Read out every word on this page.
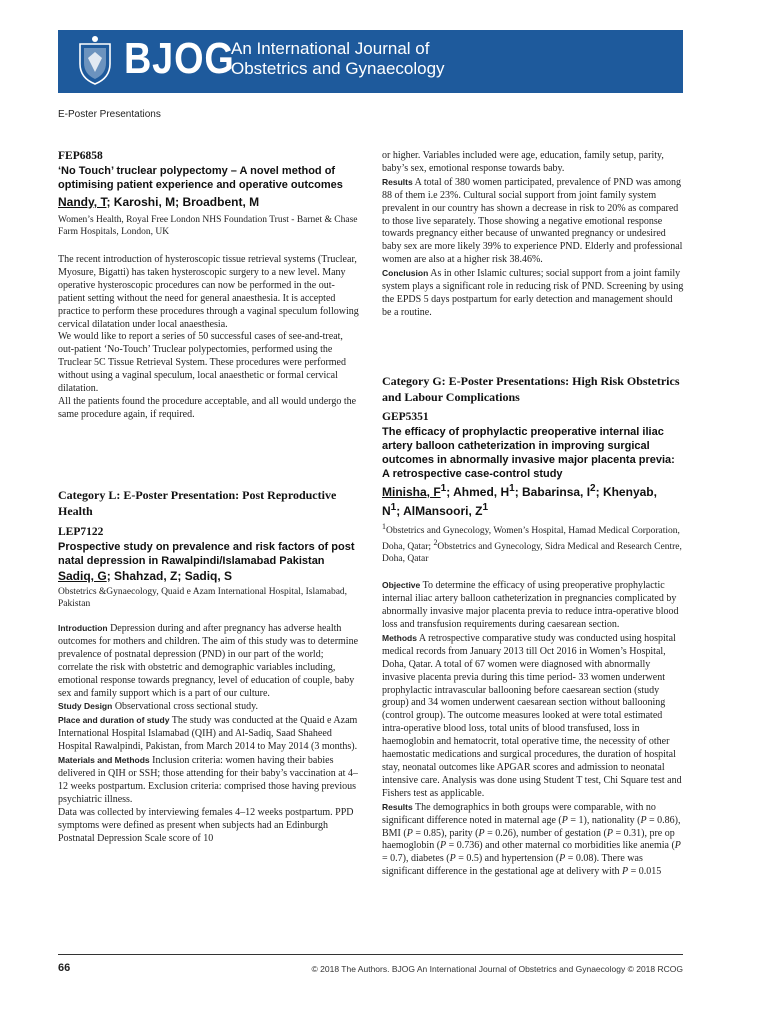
BJOG
An International Journal of
Obstetrics and Gynaecology
E-Poster Presentations
FEP6858
‘No Touch’ truclear polypectomy – A novel method of optimising patient experience and operative outcomes
Nandy, T; Karoshi, M; Broadbent, M
Women’s Health, Royal Free London NHS Foundation Trust - Barnet & Chase Farm Hospitals, London, UK

The recent introduction of hysteroscopic tissue retrieval systems (Truclear, Myosure, Bigatti) has taken hysteroscopic surgery to a new level. Many operative hysteroscopic procedures can now be performed in the out-patient setting without the need for general anaesthesia. It is accepted practice to perform these procedures through a vaginal speculum following cervical dilatation under local anaesthesia.

We would like to report a series of 50 successful cases of see-and-treat, out-patient ‘No-Touch’ Truclear polypectomies, performed using the Truclear 5C Tissue Retrieval System. These procedures were performed without using a vaginal speculum, local anaesthetic or formal cervical dilatation.

All the patients found the procedure acceptable, and all would undergo the same procedure again, if required.

Category L: E-Poster Presentation: Post Reproductive Health
LEP7122
Prospective study on prevalence and risk factors of post natal depression in Rawalpindi/Islamabad Pakistan
Sadiq, G; Shahzad, Z; Sadiq, S
Obstetrics &Gynaecology, Quaid e Azam International Hospital, Islamabad, Pakistan

Introduction Depression during and after pregnancy has adverse health outcomes for mothers and children. The aim of this study was to determine prevalence of postnatal depression (PND) in our part of the world; correlate the risk with obstetric and demographic variables including, emotional response towards pregnancy, level of education of couple, baby sex and family support which is a part of our culture.

Study Design Observational cross sectional study.

Place and duration of study The study was conducted at the Quaid e Azam International Hospital Islamabad (QIH) and Al-Sadiq, Saad Shaheed Hospital Rawalpindi, Pakistan, from March 2014 to May 2014 (3 months).

Materials and Methods Inclusion criteria: women having their babies delivered in QIH or SSH; those attending for their baby’s vaccination at 4–12 weeks postpartum. Exclusion criteria: comprised those having previous psychiatric illness.

Data was collected by interviewing females 4–12 weeks postpartum. PPD symptoms were defined as present when subjects had an Edinburgh Postnatal Depression Scale score of 10

or higher. Variables included were age, education, family setup, parity, baby’s sex, emotional response towards baby.

Results A total of 380 women participated, prevalence of PND was among 88 of them i.e 23%. Cultural social support from joint family system prevalent in our country has shown a decrease in risk to 20% as compared to those live separately. Those showing a negative emotional response towards pregnancy either because of unwanted pregnancy or undesired baby sex are more likely 39% to experience PND. Elderly and professional women are also at a higher risk 38.46%.

Conclusion As in other Islamic cultures; social support from a joint family system plays a significant role in reducing risk of PND. Screening by using the EPDS 5 days postpartum for early detection and management should be a routine.

Category G: E-Poster Presentations: High Risk Obstetrics and Labour Complications
GEP5351
The efficacy of prophylactic preoperative internal iliac artery balloon catheterization in improving surgical outcomes in abnormally invasive major placenta previa: A retrospective case-control study
Minisha, $F^1$; Ahmed, $H^1$; Babarinsa, $I^2$; Khenyab,
$N^1$; AlMansoori, $Z^1$
$^1$Obstetrics and Gynecology, Women’s Hospital, Hamad Medical Corporation, Doha, Qatar; $^2$Obstetrics and Gynecology, Sidra Medical and Research Centre, Doha, Qatar

Objective To determine the efficacy of using preoperative prophylactic internal iliac artery balloon catheterization in pregnancies complicated by abnormally invasive major placenta previa to reduce intra-operative blood loss and transfusion requirements during caesarean section.

Methods A retrospective comparative study was conducted using hospital medical records from January 2013 till Oct 2016 in Women’s Hospital, Doha, Qatar. A total of 67 women were diagnosed with abnormally invasive placenta previa during this time period- 33 women underwent prophylactic intravascular ballooning before caesarean section (study group) and 34 women underwent caesarean section without ballooning (control group). The outcome measures looked at were total estimated intra-operative blood loss, total units of blood transfused, loss in haemoglobin and hematocrit, total operative time, the necessity of other haemostatic medications and surgical procedures, the duration of hospital stay, neonatal outcomes like APGAR scores and admission to neonatal intensive care. Analysis was done using Student T test, Chi Square test and Fishers test as applicable.

Results The demographics in both groups were comparable, with no significant difference noted in maternal age (P = 1), nationality (P = 0.86), BMI (P = 0.85), parity (P = 0.26), number of gestation (P = 0.31), pre op haemoglobin (P = 0.736) and other maternal co morbidities like anemia (P = 0.7), diabetes (P = 0.5) and hypertension (P = 0.08). There was significant difference in the gestational age at delivery with P = 0.015

66	© 2018 The Authors. BJOG An International Journal of Obstetrics and Gynaecology © 2018 RCOG
